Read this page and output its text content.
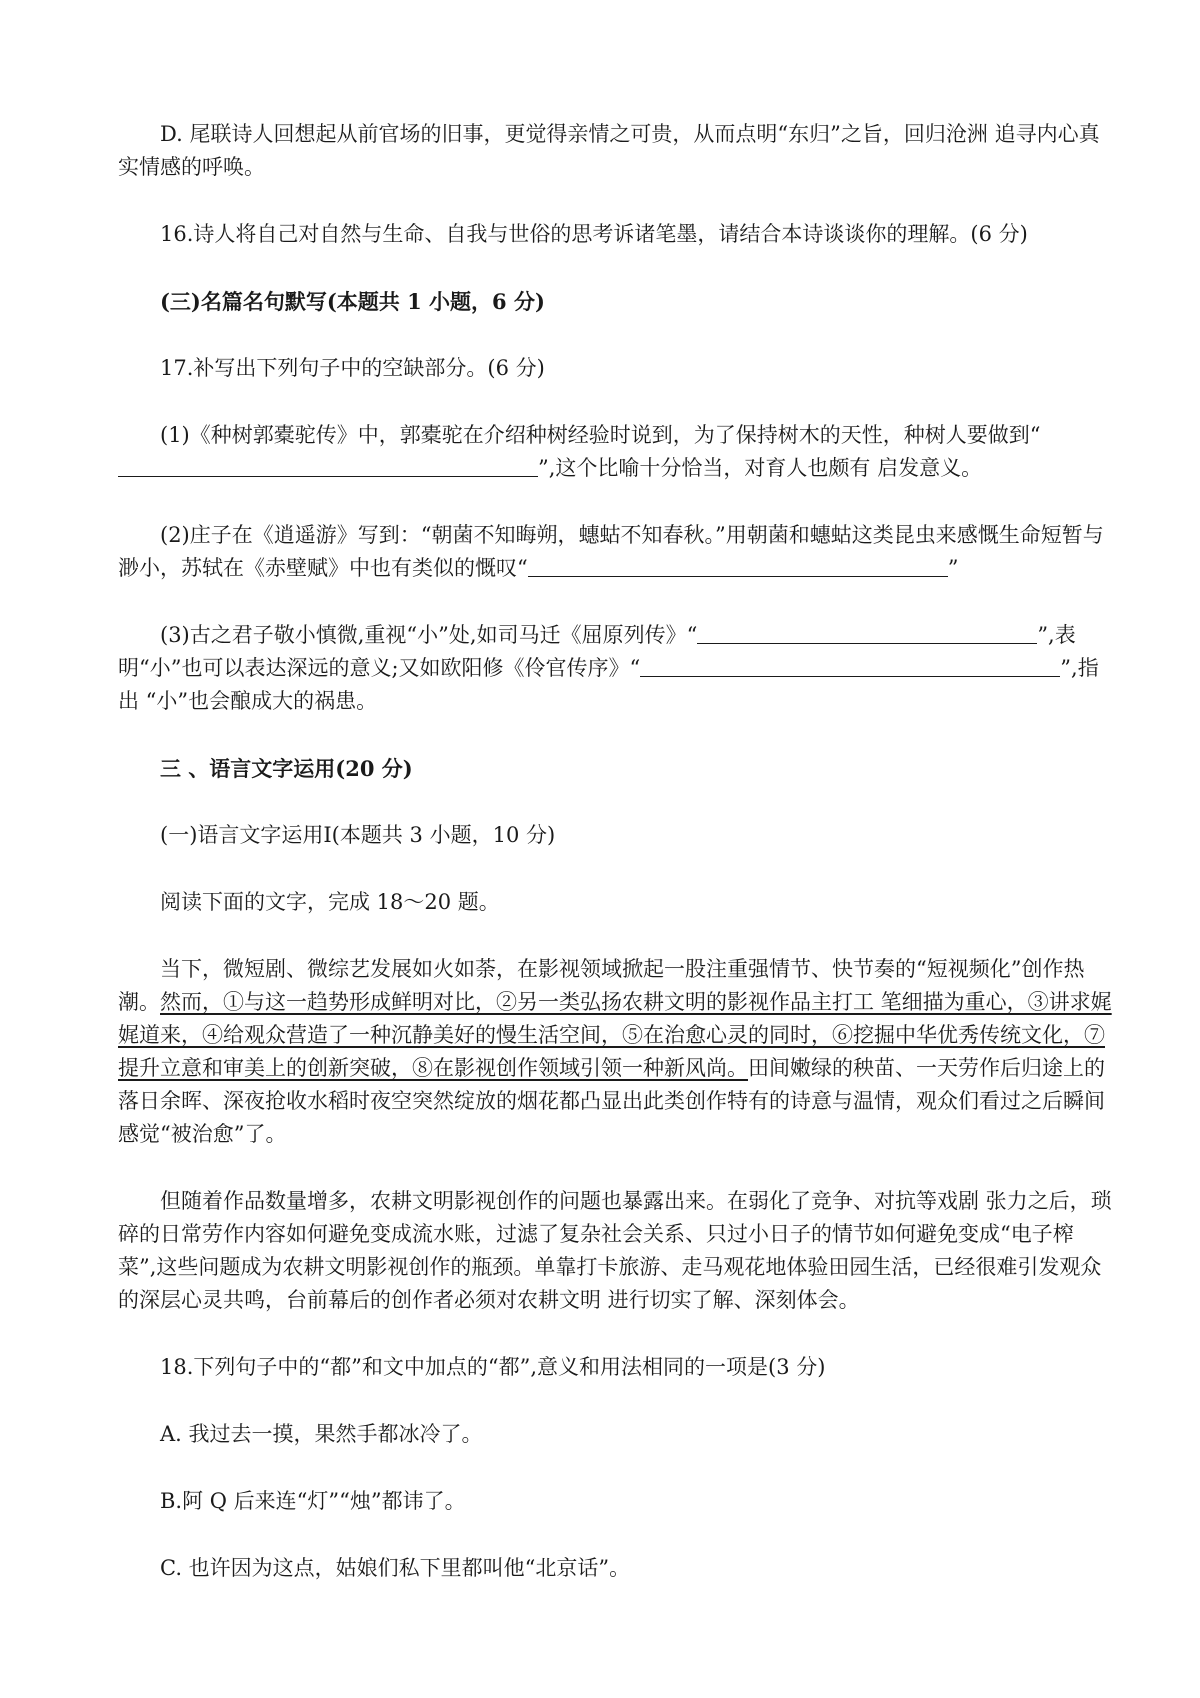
D. 尾联诗人回想起从前官场的旧事，更觉得亲情之可贵，从而点明“东归”之旨，回归沧洲 追寻内心真实情感的呼唤。

16.诗人将自己对自然与生命、自我与世俗的思考诉诸笔墨，请结合本诗谈谈你的理解。(6 分)

(三)名篇名句默写(本题共 1 小题，6 分)

17.补写出下列句子中的空缺部分。(6 分)

(1)《种树郭橐驼传》中，郭橐驼在介绍种树经验时说到，为了保持树木的天性，种树人要做到“”,这个比喻十分恰当，对育人也颇有 启发意义。

(2)庄子在《逍遥游》写到：“朝菌不知晦朔，蟪蛄不知春秋。”用朝菌和蟪蛄这类昆虫来感慨生命短暂与渺小，苏轼在《赤壁赋》中也有类似的慨叹“	”

(3)古之君子敬小慎微,重视“小”处,如司马迁《屈原列传》“	”,表明“小”也可以表达深远的意义;又如欧阳修《伶官传序》“	”,指出 “小”也会酿成大的祸患。

三 、语言文字运用(20 分)

(一)语言文字运用Ⅰ(本题共 3 小题，10 分)

阅读下面的文字，完成 18～20 题。

当下，微短剧、微综艺发展如火如荼，在影视领域掀起一股注重强情节、快节奏的“短视频化”创作热潮。然而，①与这一趋势形成鲜明对比，②另一类弘扬农耕文明的影视作品主打工 笔细描为重心，③讲求娓娓道来，④给观众营造了一种沉静美好的慢生活空间，⑤在治愈心灵的同时，⑥挖掘中华优秀传统文化，⑦提升立意和审美上的创新突破，⑧在影视创作领域引领一种新风尚。田间嫩绿的秧苗、一天劳作后归途上的落日余晖、深夜抢收水稻时夜空突然绽放的烟花都凸显出此类创作特有的诗意与温情，观众们看过之后瞬间感觉“被治愈”了。

但随着作品数量增多，农耕文明影视创作的问题也暴露出来。在弱化了竞争、对抗等戏剧 张力之后，琐碎的日常劳作内容如何避免变成流水账，过滤了复杂社会关系、只过小日子的情节如何避免变成“电子榨菜”,这些问题成为农耕文明影视创作的瓶颈。单靠打卡旅游、走马观花地体验田园生活，已经很难引发观众的深层心灵共鸣，台前幕后的创作者必须对农耕文明 进行切实了解、深刻体会。

18.下列句子中的“都”和文中加点的“都”,意义和用法相同的一项是(3 分)

A. 我过去一摸，果然手都冰冷了。

B.阿 Q 后来连“灯”“烛”都讳了。

C. 也许因为这点，姑娘们私下里都叫他“北京话”。
